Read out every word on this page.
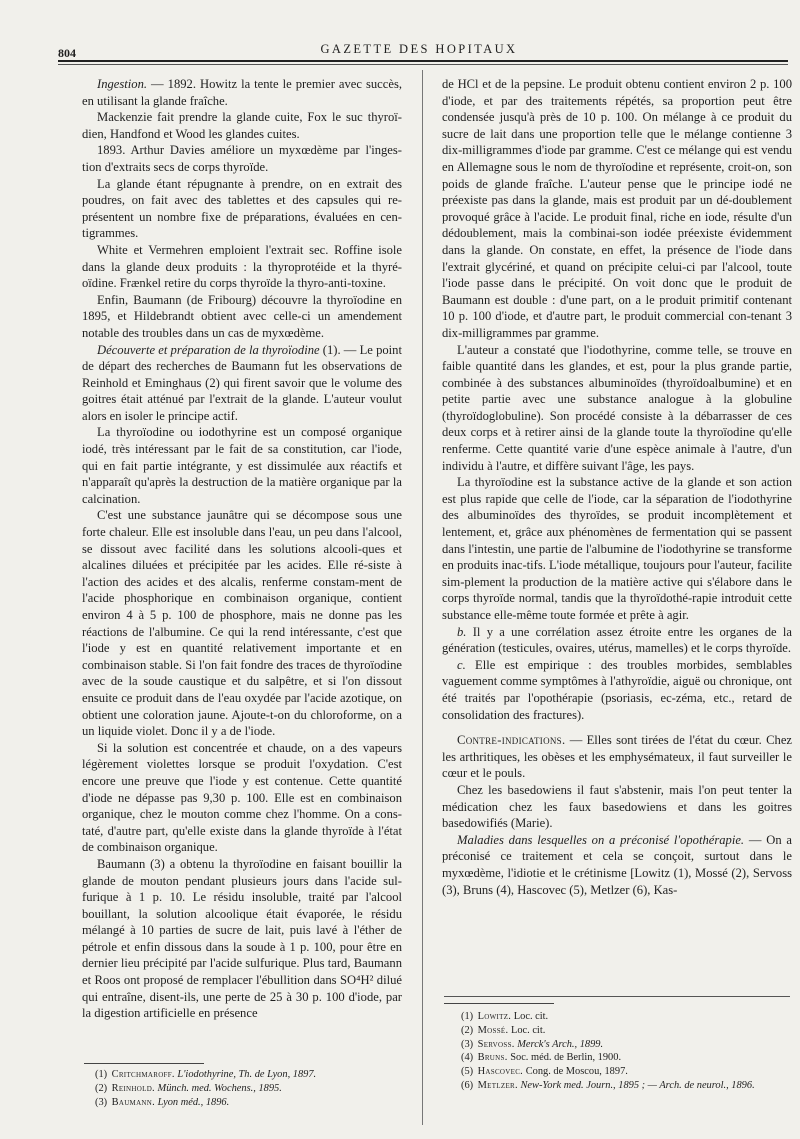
804	GAZETTE DES HOPITAUX

Ingestion. — 1892. Howitz la tente le premier avec succès, en utilisant la glande fraîche.

Mackenzie fait prendre la glande cuite, Fox le suc thyroï-dien, Handfond et Wood les glandes cuites.

1893. Arthur Davies améliore un myxœdème par l'inges-tion d'extraits secs de corps thyroïde.

La glande étant répugnante à prendre, on en extrait des poudres, on fait avec des tablettes et des capsules qui re-présentent un nombre fixe de préparations, évaluées en cen-tigrammes.

White et Vermehren emploient l'extrait sec. Roffine isole dans la glande deux produits : la thyroprotéide et la thyré-oïdine. Frænkel retire du corps thyroïde la thyro-anti-toxine.

Enfin, Baumann (de Fribourg) découvre la thyroïodine en 1895, et Hildebrandt obtient avec celle-ci un amendement notable des troubles dans un cas de myxœdème.

Découverte et préparation de la thyroïodine (1). — Le point de départ des recherches de Baumann fut les observations de Reinhold et Eminghaus (2) qui firent savoir que le volume des goitres était atténué par l'extrait de la glande. L'auteur voulut alors en isoler le principe actif.

La thyroïodine ou iodothyrine est un composé organique iodé, très intéressant par le fait de sa constitution, car l'iode, qui en fait partie intégrante, y est dissimulée aux réactifs et n'apparaît qu'après la destruction de la matière organique par la calcination.

C'est une substance jaunâtre qui se décompose sous une forte chaleur. Elle est insoluble dans l'eau, un peu dans l'alcool, se dissout avec facilité dans les solutions alcooli-ques et alcalines diluées et précipitée par les acides. Elle ré-siste à l'action des acides et des alcalis, renferme constam-ment de l'acide phosphorique en combinaison organique, contient environ 4 à 5 p. 100 de phosphore, mais ne donne pas les réactions de l'albumine. Ce qui la rend intéressante, c'est que l'iode y est en quantité relativement importante et en combinaison stable. Si l'on fait fondre des traces de thyroïodine avec de la soude caustique et du salpêtre, et si l'on dissout ensuite ce produit dans de l'eau oxydée par l'acide azotique, on obtient une coloration jaune. Ajoute-t-on du chloroforme, on a un liquide violet. Donc il y a de l'iode.

Si la solution est concentrée et chaude, on a des vapeurs légèrement violettes lorsque se produit l'oxydation. C'est encore une preuve que l'iode y est contenue. Cette quantité d'iode ne dépasse pas 9,30 p. 100. Elle est en combinaison organique, chez le mouton comme chez l'homme. On a cons-taté, d'autre part, qu'elle existe dans la glande thyroïde à l'état de combinaison organique.

Baumann (3) a obtenu la thyroïodine en faisant bouillir la glande de mouton pendant plusieurs jours dans l'acide sul-furique à 1 p. 10. Le résidu insoluble, traité par l'alcool bouillant, la solution alcoolique était évaporée, le résidu mélangé à 10 parties de sucre de lait, puis lavé à l'éther de pétrole et enfin dissous dans la soude à 1 p. 100, pour être en dernier lieu précipité par l'acide sulfurique. Plus tard, Baumann et Roos ont proposé de remplacer l'ébullition dans SO⁴H² dilué qui entraîne, disent-ils, une perte de 25 à 30 p. 100 d'iode, par la digestion artificielle en présence

(1) Critchmaroff. L'iodothyrine, Th. de Lyon, 1897.
(2) Reinhold. Münch. med. Wochens., 1895.
(3) Baumann. Lyon méd., 1896.

de HCl et de la pepsine. Le produit obtenu contient environ 2 p. 100 d'iode, et par des traitements répétés, sa proportion peut être condensée jusqu'à près de 10 p. 100. On mélange à ce produit du sucre de lait dans une proportion telle que le mélange contienne 3 dix-milligrammes d'iode par gramme. C'est ce mélange qui est vendu en Allemagne sous le nom de thyroïodine et représente, croit-on, son poids de glande fraîche. L'auteur pense que le principe iodé ne préexiste pas dans la glande, mais est produit par un dé-doublement provoqué grâce à l'acide. Le produit final, riche en iode, résulte d'un dédoublement, mais la combinai-son iodée préexiste évidemment dans la glande. On constate, en effet, la présence de l'iode dans l'extrait glycériné, et quand on précipite celui-ci par l'alcool, toute l'iode passe dans le précipité. On voit donc que le produit de Baumann est double : d'une part, on a le produit primitif contenant 10 p. 100 d'iode, et d'autre part, le produit commercial con-tenant 3 dix-milligrammes par gramme.

L'auteur a constaté que l'iodothyrine, comme telle, se trouve en faible quantité dans les glandes, et est, pour la plus grande partie, combinée à des substances albuminoïdes (thyroïdoalbumine) et en petite partie avec une substance analogue à la globuline (thyroïdoglobuline). Son procédé consiste à la débarrasser de ces deux corps et à retirer ainsi de la glande toute la thyroïodine qu'elle renferme. Cette quantité varie d'une espèce animale à l'autre, d'un individu à l'autre, et diffère suivant l'âge, les pays.

La thyroïodine est la substance active de la glande et son action est plus rapide que celle de l'iode, car la séparation de l'iodothyrine des albuminoïdes des thyroïdes, se produit incomplètement et lentement, et, grâce aux phénomènes de fermentation qui se passent dans l'intestin, une partie de l'albumine de l'iodothyrine se transforme en produits inac-tifs. L'iode métallique, toujours pour l'auteur, facilite sim-plement la production de la matière active qui s'élabore dans le corps thyroïde normal, tandis que la thyroïdothé-rapie introduit cette substance elle-même toute formée et prête à agir.

b. Il y a une corrélation assez étroite entre les organes de la génération (testicules, ovaires, utérus, mamelles) et le corps thyroïde.

c. Elle est empirique : des troubles morbides, semblables vaguement comme symptômes à l'athyroïdie, aiguë ou chronique, ont été traités par l'opothérapie (psoriasis, ec-zéma, etc., retard de consolidation des fractures).

Contre-indications. — Elles sont tirées de l'état du cœur. Chez les arthritiques, les obèses et les emphysémateux, il faut surveiller le cœur et le pouls.

Chez les basedowiens il faut s'abstenir, mais l'on peut tenter la médication chez les faux basedowiens et dans les goitres basedowifiés (Marie).

Maladies dans lesquelles on a préconisé l'opothérapie. — On a préconisé ce traitement et cela se conçoit, surtout dans le myxœdème, l'idiotie et le crétinisme [Lowitz (1), Mossé (2), Servoss (3), Bruns (4), Hascovec (5), Metlzer (6), Kas-

(1) Lowitz. Loc. cit.
(2) Mossé. Loc. cit.
(3) Servoss. Merck's Arch., 1899.
(4) Bruns. Soc. méd. de Berlin, 1900.
(5) Hascovec. Cong. de Moscou, 1897.
(6) Metlzer. New-York med. Journ., 1895 ; — Arch. de neurol., 1896.
